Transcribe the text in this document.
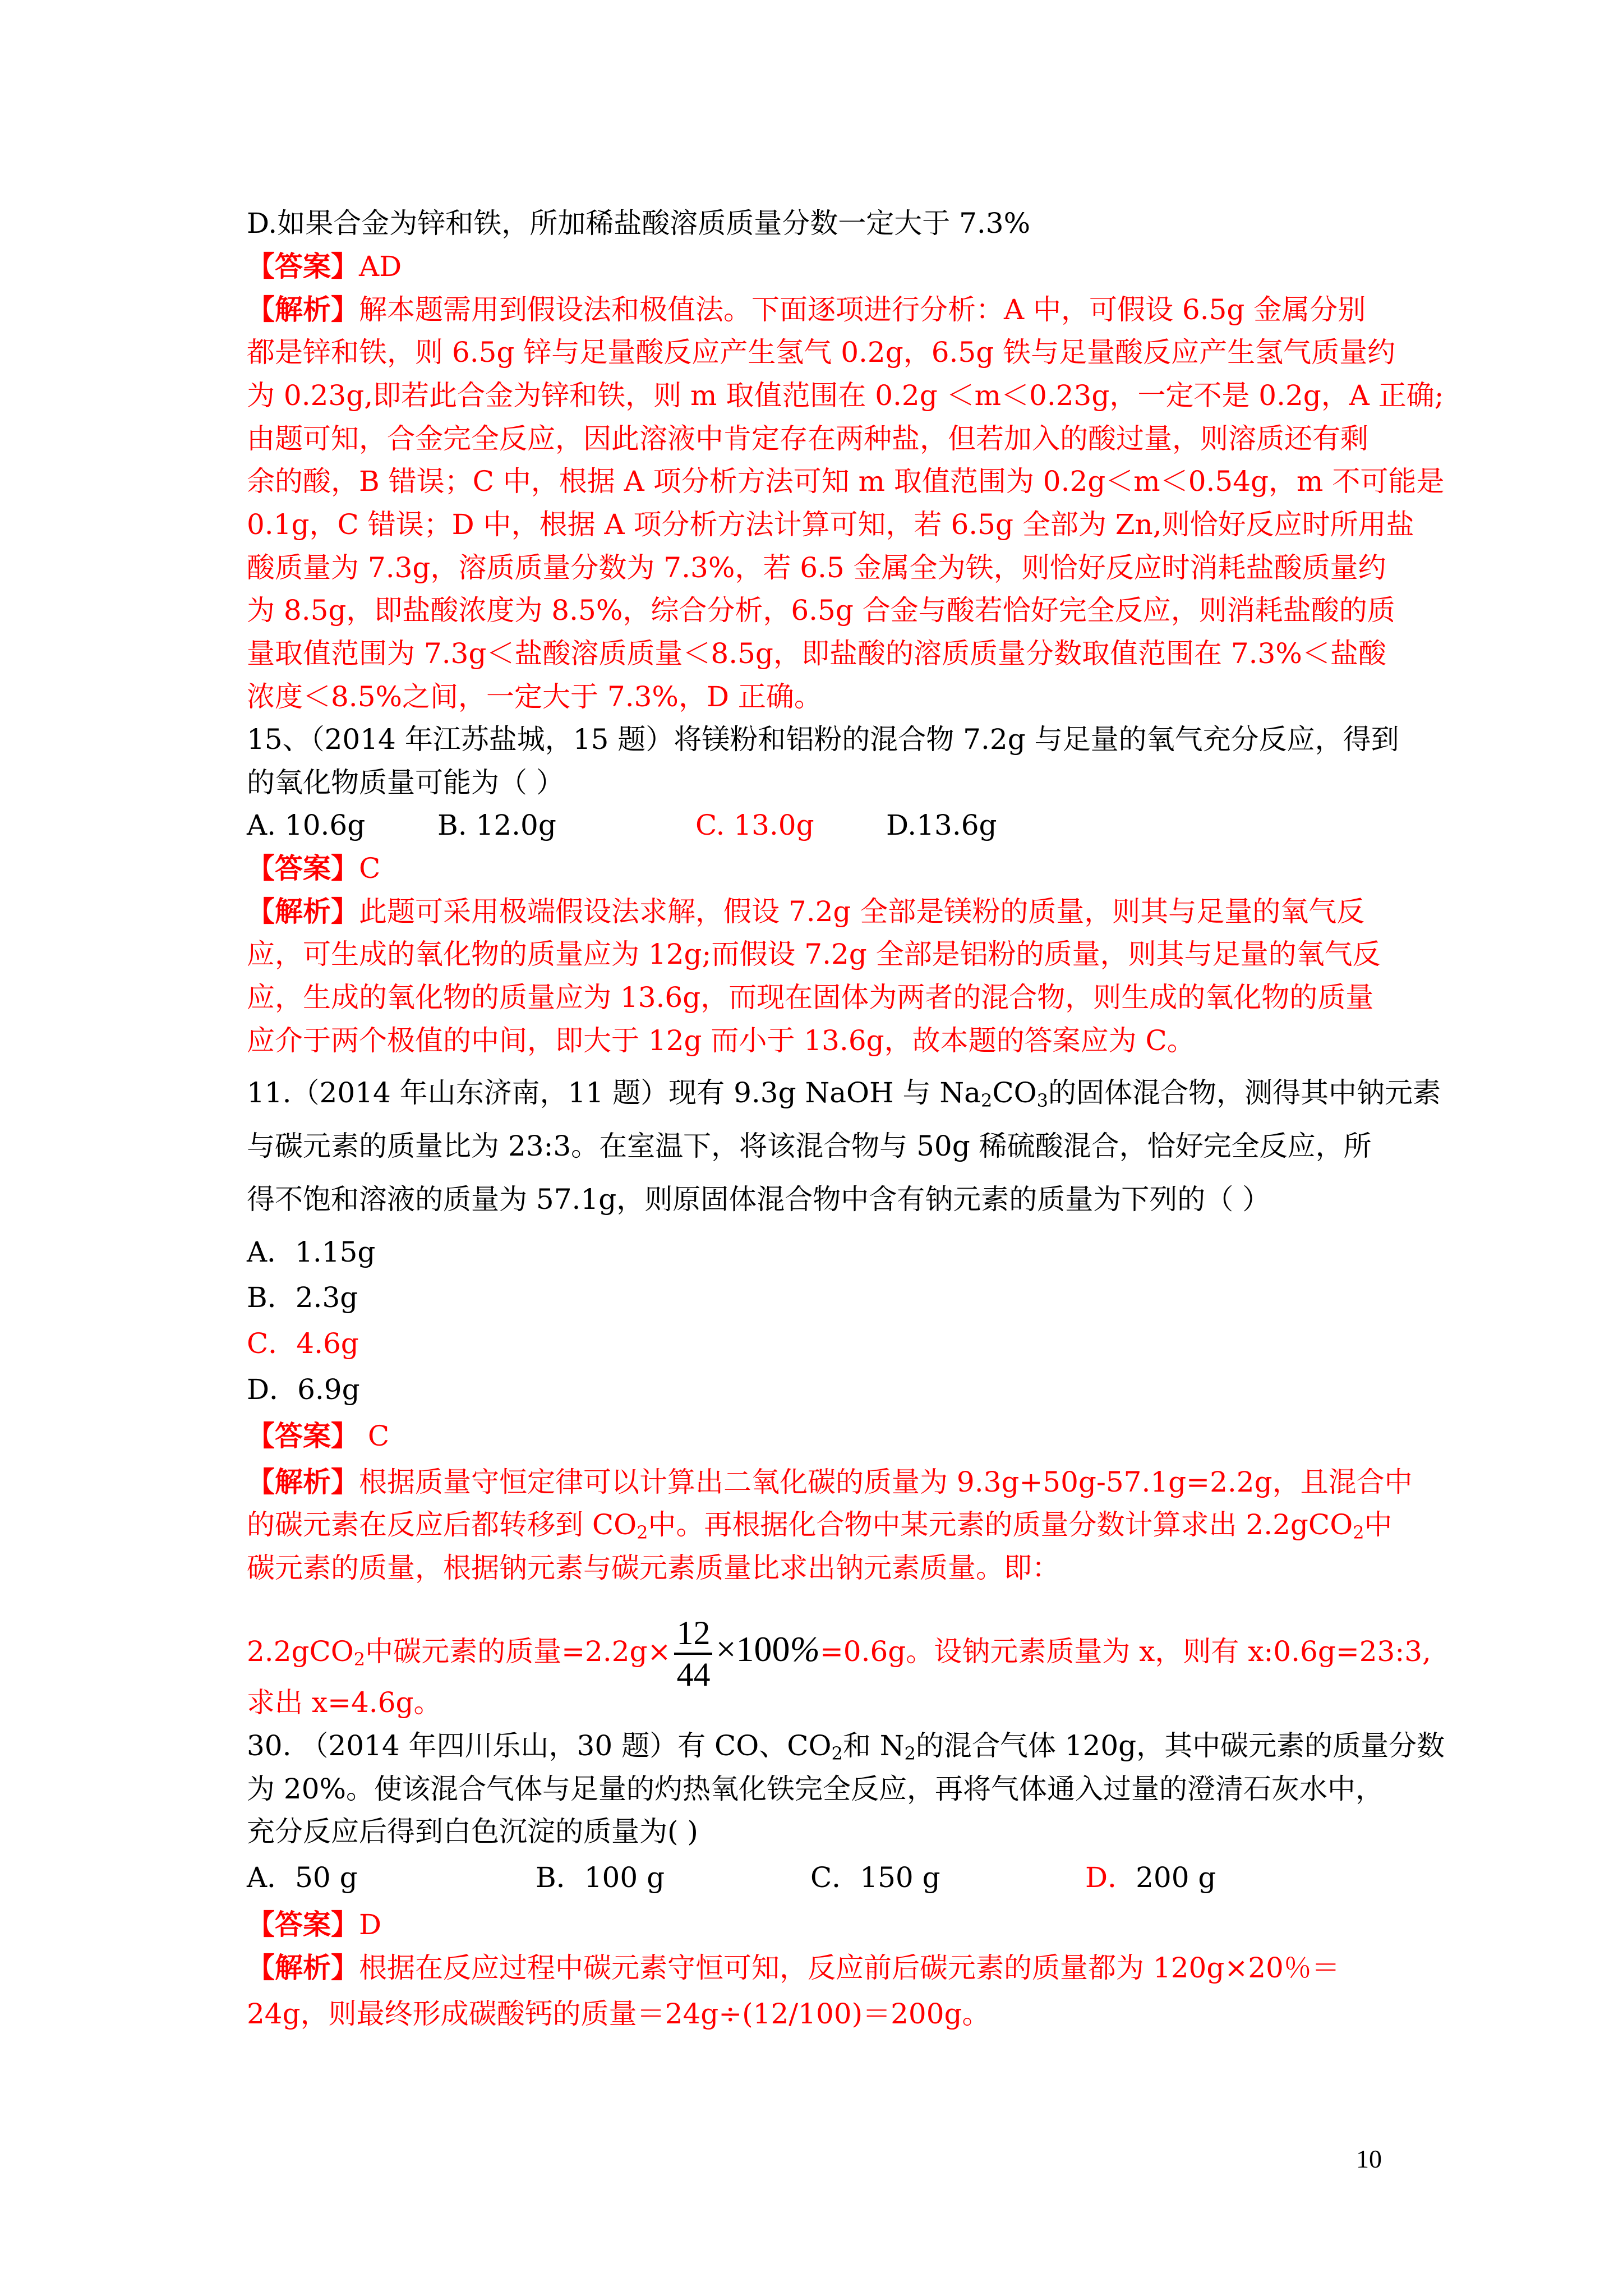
D.如果合金为锌和铁，所加稀盐酸溶质质量分数一定大于 7.3%
【答案】AD
【解析】解本题需用到假设法和极值法。下面逐项进行分析：A 中，可假设 6.5g 金属分别
都是锌和铁，则 6.5g 锌与足量酸反应产生氢气 0.2g，6.5g 铁与足量酸反应产生氢气质量约
为 0.23g,即若此合金为锌和铁，则 m 取值范围在 0.2g ＜m＜0.23g，一定不是 0.2g，A 正确;
由题可知，合金完全反应，因此溶液中肯定存在两种盐，但若加入的酸过量，则溶质还有剩
余的酸，B 错误；C 中，根据 A 项分析方法可知 m 取值范围为 0.2g＜m＜0.54g，m 不可能是
0.1g，C 错误；D 中，根据 A 项分析方法计算可知，若 6.5g 全部为 Zn,则恰好反应时所用盐
酸质量为 7.3g，溶质质量分数为 7.3%，若 6.5 金属全为铁，则恰好反应时消耗盐酸质量约
为 8.5g，即盐酸浓度为 8.5%，综合分析，6.5g 合金与酸若恰好完全反应，则消耗盐酸的质
量取值范围为 7.3g＜盐酸溶质质量＜8.5g，即盐酸的溶质质量分数取值范围在 7.3%＜盐酸
浓度＜8.5%之间，一定大于 7.3%，D 正确。
15、（2014 年江苏盐城，15 题）将镁粉和铝粉的混合物 7.2g 与足量的氧气充分反应，得到
的氧化物质量可能为（ ）
A. 10.6g	B. 12.0g	C. 13.0g	D.13.6g
【答案】C
【解析】此题可采用极端假设法求解，假设 7.2g 全部是镁粉的质量，则其与足量的氧气反
应，可生成的氧化物的质量应为 12g;而假设 7.2g 全部是铝粉的质量，则其与足量的氧气反
应，生成的氧化物的质量应为 13.6g，而现在固体为两者的混合物，则生成的氧化物的质量
应介于两个极值的中间，即大于 12g 而小于 13.6g，故本题的答案应为 C。
11.（2014 年山东济南，11 题）现有 9.3g NaOH 与 $Na_2CO_3$的固体混合物，测得其中钠元素
与碳元素的质量比为 23:3。在室温下，将该混合物与 50g 稀硫酸混合，恰好完全反应，所
得不饱和溶液的质量为 57.1g，则原固体混合物中含有钠元素的质量为下列的（ ）
A．1.15g
B．2.3g
C．4.6g
D．6.9g
【答案】 C
【解析】根据质量守恒定律可以计算出二氧化碳的质量为 9.3g+50g-57.1g=2.2g，且混合中
的碳元素在反应后都转移到 $CO_2$中。再根据化合物中某元素的质量分数计算求出 2.2gCO$_2$中
碳元素的质量，根据钠元素与碳元素质量比求出钠元素质量。即：
2.2gCO$_2$中碳元素的质量$=2.2g\times \frac{12}{44} \times 100\%=0.6g$。设钠元素质量为 x，则有 x:0.6g=23:3,
求出 x=4.6g。
30. （2014 年四川乐山，30 题）有 CO、$CO_2$和 $N_2$的混合气体 120g，其中碳元素的质量分数
为 20%。使该混合气体与足量的灼热氧化铁完全反应，再将气体通入过量的澄清石灰水中，
充分反应后得到白色沉淀的质量为( )
A．50 g	B．100 g	C．150 g	D．200 g
【答案】D
【解析】根据在反应过程中碳元素守恒可知，反应前后碳元素的质量都为 120g×20％＝
24g，则最终形成碳酸钙的质量＝24g÷(12/100)＝200g。
10
